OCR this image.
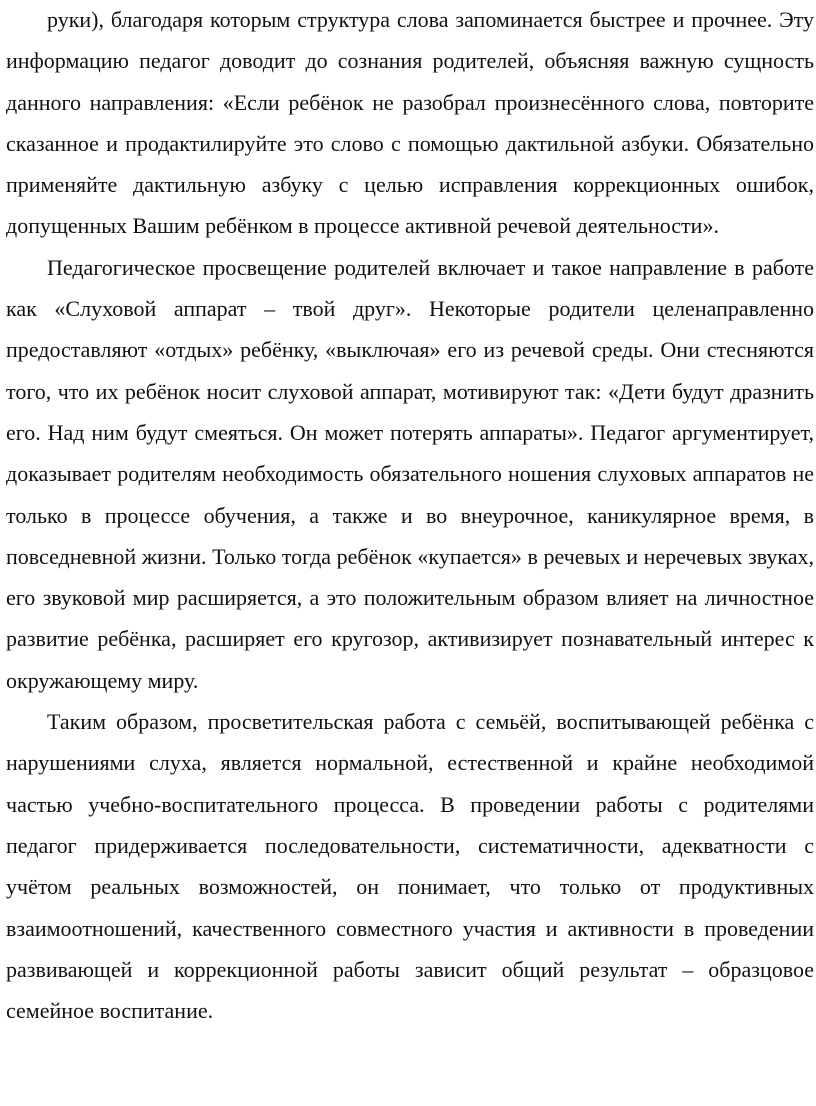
руки), благодаря которым структура слова запоминается быстрее и прочнее. Эту информацию педагог доводит до сознания родителей, объясняя важную сущность данного направления: «Если ребёнок не разобрал произнесённого слова, повторите сказанное и продактилируйте это слово с помощью дактильной азбуки. Обязательно применяйте дактильную азбуку с целью исправления коррекционных ошибок, допущенных Вашим ребёнком в процессе активной речевой деятельности».

Педагогическое просвещение родителей включает и такое направление в работе как «Слуховой аппарат – твой друг». Некоторые родители целенаправленно предоставляют «отдых» ребёнку, «выключая» его из речевой среды. Они стесняются того, что их ребёнок носит слуховой аппарат, мотивируют так: «Дети будут дразнить его. Над ним будут смеяться. Он может потерять аппараты». Педагог аргументирует, доказывает родителям необходимость обязательного ношения слуховых аппаратов не только в процессе обучения, а также и во внеурочное, каникулярное время, в повседневной жизни. Только тогда ребёнок «купается» в речевых и неречевых звуках, его звуковой мир расширяется, а это положительным образом влияет на личностное развитие ребёнка, расширяет его кругозор, активизирует познавательный интерес к окружающему миру.

Таким образом, просветительская работа с семьёй, воспитывающей ребёнка с нарушениями слуха, является нормальной, естественной и крайне необходимой частью учебно-воспитательного процесса. В проведении работы с родителями педагог придерживается последовательности, систематичности, адекватности с учётом реальных возможностей, он понимает, что только от продуктивных взаимоотношений, качественного совместного участия и активности в проведении развивающей и коррекционной работы зависит общий результат – образцовое семейное воспитание.
